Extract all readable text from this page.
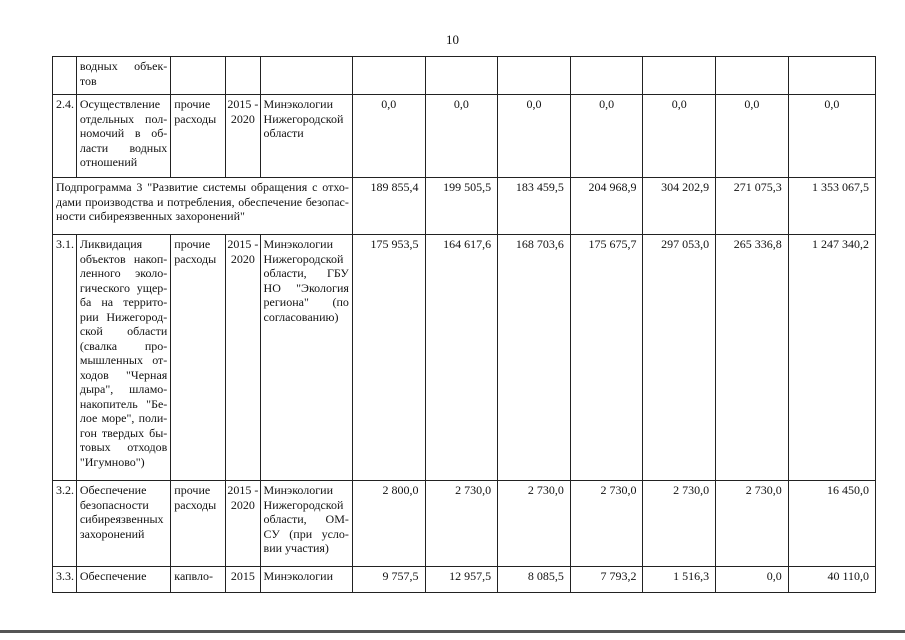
10
	водных объек-тов										
2.4.	Осуществление отдельных пол-номочий в об-ласти водных отношений	прочие расходы	2015 - 2020	Минэкологии Нижегородской области	0,0	0,0	0,0	0,0	0,0	0,0	0,0
Подпрограмма 3 "Развитие системы обращения с отхо-дами производства и потребления, обеспечение безопас-ности сибиреязвенных захоронений"					189 855,4	199 505,5	183 459,5	204 968,9	304 202,9	271 075,3	1 353 067,5
3.1.	Ликвидация объектов накоп-ленного эколо-гического ущер-ба на террито-рии Нижегород-ской области (свалка про-мышленных от-ходов "Черная дыра", шламо-накопитель "Бе-лое море", поли-гон твердых бы-товых отходов "Игумново")	прочие расходы	2015 - 2020	Минэкологии Нижегородской области, ГБУ НО "Экология региона" (по согласованию)	175 953,5	164 617,6	168 703,6	175 675,7	297 053,0	265 336,8	1 247 340,2
3.2.	Обеспечение безопасности сибиреязвенных захоронений	прочие расходы	2015 - 2020	Минэкологии Нижегородской области, ОМ-СУ (при усло-вии участия)	2 800,0	2 730,0	2 730,0	2 730,0	2 730,0	2 730,0	16 450,0
3.3.	Обеспечение	капвло-	2015	Минэкологии	9 757,5	12 957,5	8 085,5	7 793,2	1 516,3	0,0	40 110,0
